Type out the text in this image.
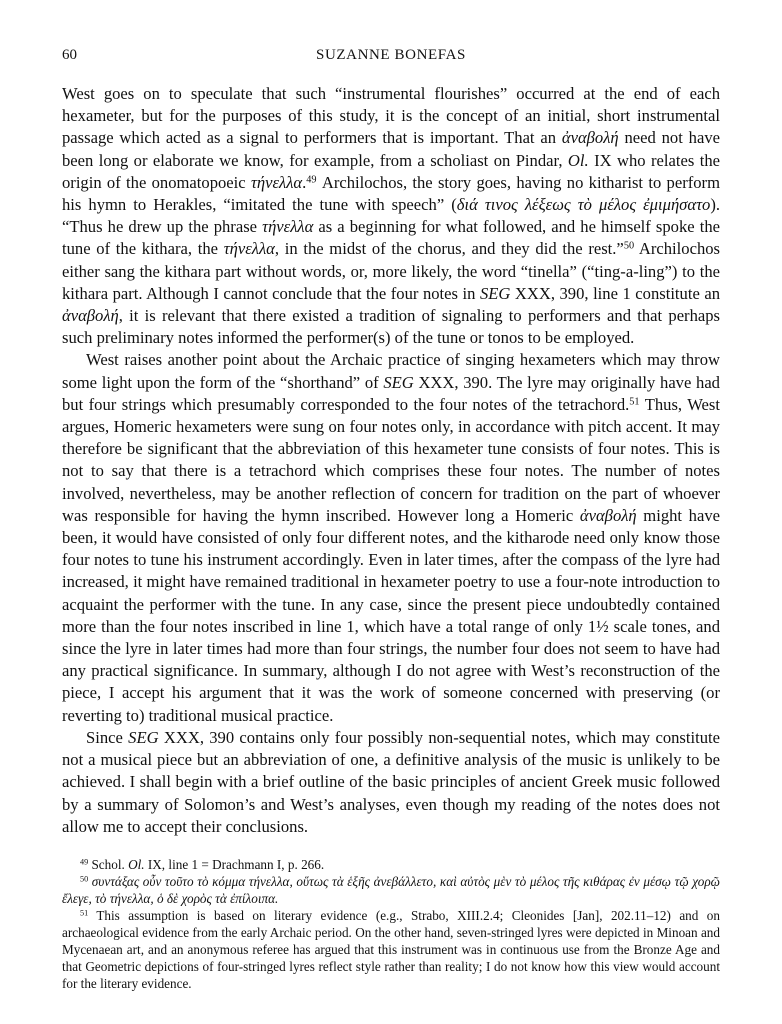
60	SUZANNE BONEFAS

West goes on to speculate that such “instrumental flourishes” occurred at the end of each hexameter, but for the purposes of this study, it is the concept of an initial, short instrumental passage which acted as a signal to performers that is important. That an ἀναβολή need not have been long or elaborate we know, for example, from a scholiast on Pindar, Ol. IX who relates the origin of the onomatopoeic τήνελλα.$^{49}$ Archilochos, the story goes, having no kitharist to perform his hymn to Herakles, “imitated the tune with speech” (διά τινος λέξεως τὸ μέλος ἐμιμήσατο). “Thus he drew up the phrase τήνελλα as a beginning for what followed, and he himself spoke the tune of the kithara, the τήνελλα, in the midst of the chorus, and they did the rest.”$^{50}$ Archilochos either sang the kithara part without words, or, more likely, the word “tinella” (“ting-a-ling”) to the kithara part. Although I cannot conclude that the four notes in SEG XXX, 390, line 1 constitute an ἀναβολή, it is relevant that there existed a tradition of signaling to performers and that perhaps such preliminary notes informed the performer(s) of the tune or tonos to be employed.

West raises another point about the Archaic practice of singing hexameters which may throw some light upon the form of the “shorthand” of SEG XXX, 390. The lyre may originally have had but four strings which presumably corresponded to the four notes of the tetrachord.$^{51}$ Thus, West argues, Homeric hexameters were sung on four notes only, in accordance with pitch accent. It may therefore be significant that the abbreviation of this hexameter tune consists of four notes. This is not to say that there is a tetrachord which comprises these four notes. The number of notes involved, nevertheless, may be another reflection of concern for tradition on the part of whoever was responsible for having the hymn inscribed. However long a Homeric ἀναβολή might have been, it would have consisted of only four different notes, and the kitharode need only know those four notes to tune his instrument accordingly. Even in later times, after the compass of the lyre had increased, it might have remained traditional in hexameter poetry to use a four-note introduction to acquaint the performer with the tune. In any case, since the present piece undoubtedly contained more than the four notes inscribed in line 1, which have a total range of only 1½ scale tones, and since the lyre in later times had more than four strings, the number four does not seem to have had any practical significance. In summary, although I do not agree with West’s reconstruction of the piece, I accept his argument that it was the work of someone concerned with preserving (or reverting to) traditional musical practice.

Since SEG XXX, 390 contains only four possibly non-sequential notes, which may constitute not a musical piece but an abbreviation of one, a definitive analysis of the music is unlikely to be achieved. I shall begin with a brief outline of the basic principles of ancient Greek music followed by a summary of Solomon’s and West’s analyses, even though my reading of the notes does not allow me to accept their conclusions.

$^{49}$ Schol. Ol. IX, line 1 = Drachmann I, p. 266.

$^{50}$ συντάξας οὖν τοῦτο τὸ κόμμα τήνελλα, οὕτως τὰ ἑξῆς ἀνεβάλλετο, καὶ αὐτὸς μὲν τὸ μέλος τῆς κιθάρας ἐν μέσῳ τῷ χορῷ ἔλεγε, τὸ τήνελλα, ὁ δὲ χορὸς τὰ ἐπίλοιπα.

$^{51}$ This assumption is based on literary evidence (e.g., Strabo, XIII.2.4; Cleonides [Jan], 202.11–12) and on archaeological evidence from the early Archaic period. On the other hand, seven-stringed lyres were depicted in Minoan and Mycenaean art, and an anonymous referee has argued that this instrument was in continuous use from the Bronze Age and that Geometric depictions of four-stringed lyres reflect style rather than reality; I do not know how this view would account for the literary evidence.
